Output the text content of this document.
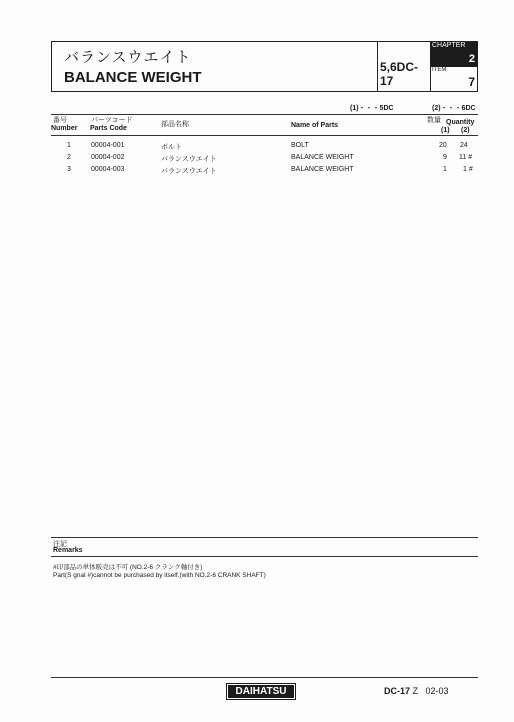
バランスウエイト
BALANCE WEIGHT
5,6DC-17
CHAPTER
2
ITEM
7
(1)・・・5DC	(2)・・・6DC
番号
Number
パーツコード
Parts Code
部品名称	Name of Parts
数量 Quantity
(1) (2)
1	00004-001	ボルト	BOLT	20 24
2	00004-002	バランスウエイト	BALANCE WEIGHT	9 11 #
3	00004-003	バランスウエイト	BALANCE WEIGHT	1 1 #
注記
Remarks
#印部品の単体販売は不可 (NO.2-6 クランク軸付き)
Part(S gnal #)cannot be purchased by itself.(with NO.2-6 CRANK SHAFT)
DAIHATSU	DC-17 Z 02-03
